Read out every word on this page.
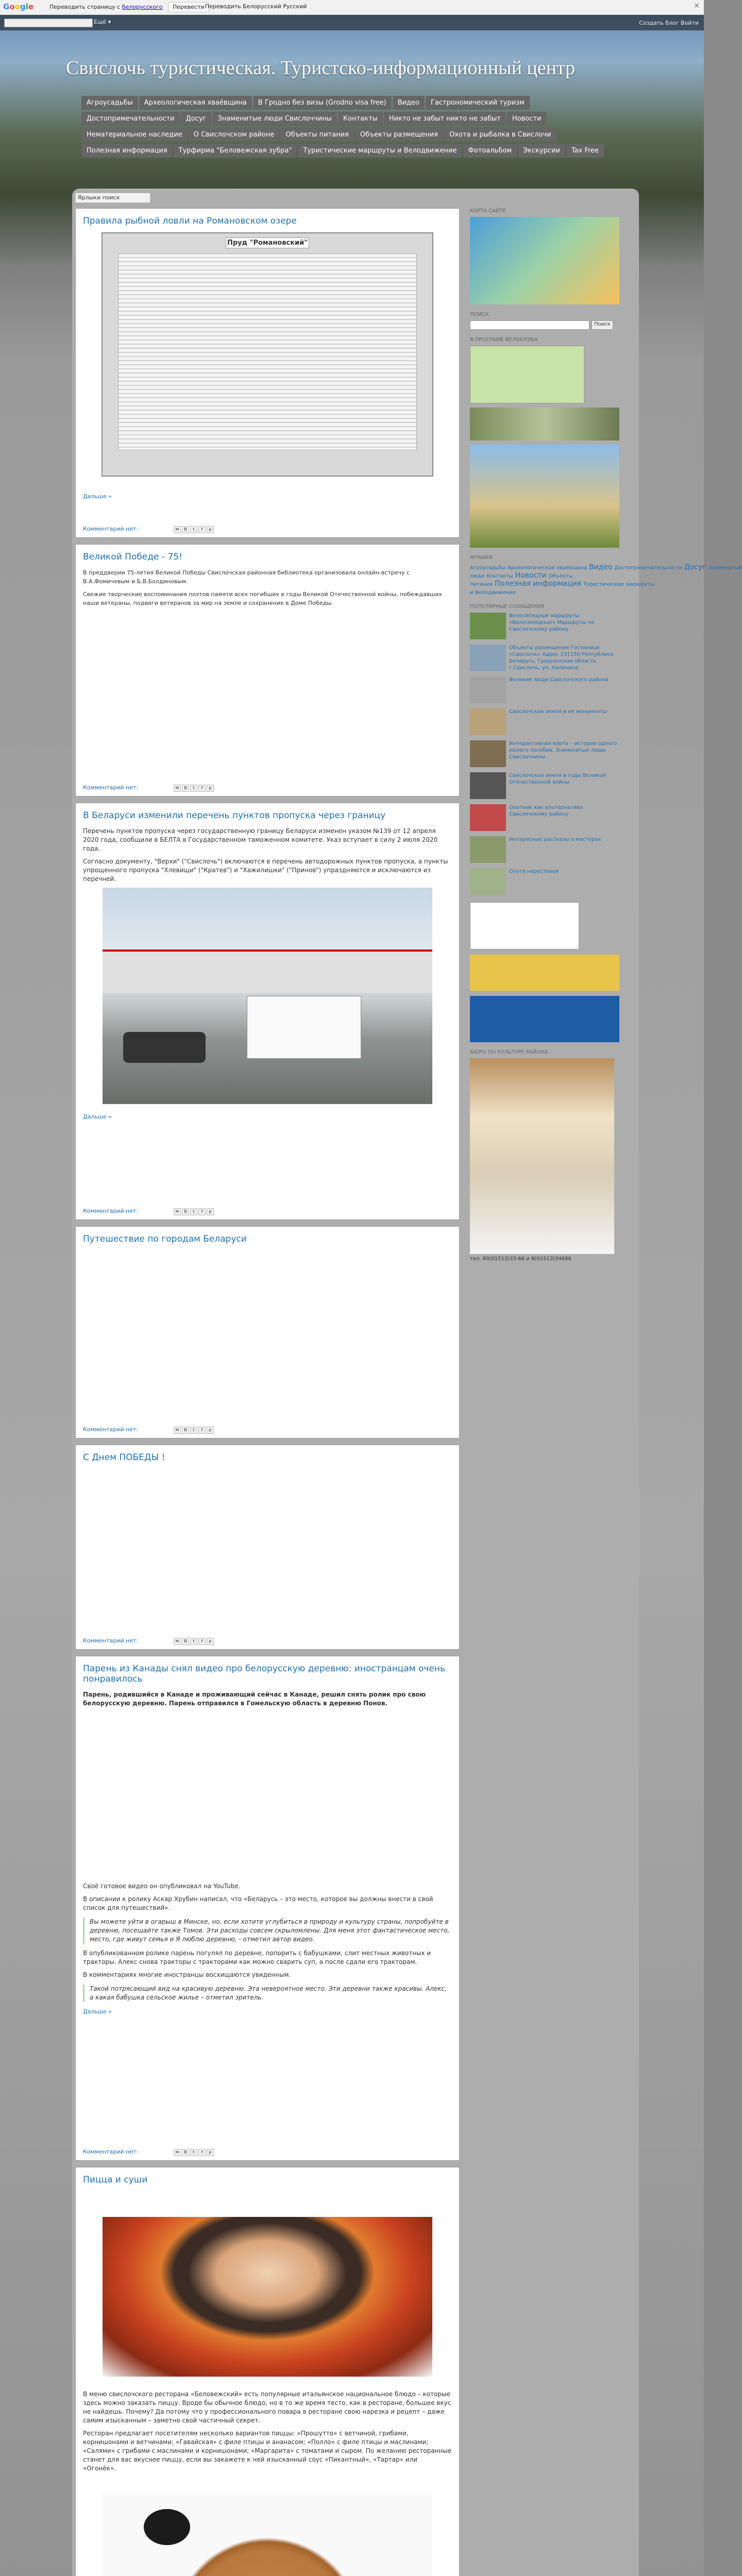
Google	Переводить страницу с белорусского	Перевести Переводить Белорусский Русский	×
Ещё ▾	Создать блог Войти
Свислочь туристическая. Туристско-информационный центр
Агроусадьбы Археологическая хваёвщина В Гродно без визы (Grodno visa free) Видео Гастрономический туризмДостопримечательности Досуг Знаменитые люди Свислоччины Контакты Никто не забыт никто не забыт НовостиНематериальное наследие О Свислочском районе Объекты питания Объекты размещения Охота и рыбалка в СвислочиПолезная информация Турфирма "Беловежская зубра" Туристические маршруты и Велодвижение Фотоальбом Экскурсии Tax Free
Ярлыки поиск
Правила рыбной ловли на Романовском озере
Пруд "Романовский"

Дальше »

Комментарий нет:	✉ B t f p
Великой Победе - 75!

В преддверии 75-летия Великой Победы Свислочская районная библиотека организовала онлайн-встречу с В.А.Фомичевым и Б.В.Болдиновым.

Свежие творческие воспоминания поэтов памяти всех погибших в годы Великой Отечественной войны, побеждавших наши ветераны, подвиги ветеранов за мир на земле и сохранение в Доме Победы.

Комментарий нет:	✉ B t f p
В Беларуси изменили перечень пунктов пропуска через границу

Перечень пунктов пропуска через государственную границу Беларуси изменен указом №139 от 12 апреля 2020 года, сообщили в БЕЛТА в Государственном таможенном комитете. Указ вступает в силу 2 июля 2020 года.

Согласно документу, "Верхи" ("Свислочь") включаются в перечень автодорожных пунктов пропуска, а пункты упрощенного пропуска "Хлевищи" ("Кратев") и "Хажилишки" ("Принов") упраздняются и исключаются из перечней.

Дальше »

Комментарий нет:	✉ B t f p
Путешествие по городам Беларуси
Комментарий нет:	✉ B t f p
С Днем ПОБЕДЫ !
Комментарий нет:	✉ B t f p
Парень из Канады снял видео про белорусскую деревню: иностранцам очень понравилось

Парень, родившийся в Канаде и проживающий сейчас в Канаде, решил снять ролик про свою белорусскую деревню. Парень отправился в Гомельскую область в деревню Понов.

Своё готовое видео он опубликовал на YouTube.

В описании к ролику Аскар Хрубин написал, что «Беларусь – это место, которое вы должны внести в свой список для путешествий».

Вы можете уйти в огарыш в Минске, но, если хотите углубиться в природу и культуру страны, попробуйте в деревню, посещайте также Томов. Эти расходы совсем скрыломлены. Для меня этот фантастическое место, место, где живут семья и Я люблю деревню, - отметил автор видео.

В опубликованном ролике парень погулял по деревне, попорить с бабушками, слит местных животных и тракторы. Алекс снова тракторы с тракторами как можно сварить суп, а после сдали его тракторам.

В комментариях многие иностранцы восхищаются увиденным.

Такой потрясающий вид на красивую деревню. Эта невероятное место. Эти деревни также красивы. Алекс, а какая бабушка сельское жилье – отметил зритель.

Дальше »

Комментарий нет:	✉ B t f p
Пицца и суши

В меню свислочского ресторана «Беловежский» есть популярные итальянское национальное блюдо – которые здесь можно заказать пиццу. Вроде бы обычное блюдо, но в то же время тесто, как в ресторане, большее вкус не найдешь. Почему? Да потому что у профессионального повара в ресторане свою нарезка и рецепт – даже самим изысканным – заметно свой частичный секрет.

Ресторан предлагает посетителям несколько вариантов пиццы: «Прошутто» с ветчиной, грибами, корнишонами и ветчинами; «Гавайская» с филе птицы и ананасом; «Полло» с филе птицы и маслинами; «Салями» с грибами с маслинами и корнишонами; «Маргарита» с томатами и сыром. По желанию ресторанные станет для вас вкуснее пиццу, если вы закажете к ней изысканный соус «Пикантный», «Тартар» или «Огонёк».

КАРТА САЙТЕ
ПОИСК
Поиск
В ПРОГРАМЕ ВЕЛОКЛУБА
ЯРЛЫКИ
Агроусадьбы Археологическая хваёвщина Видео Достопримечательности Досуг Знаменитые люди Контакты Новости Объекты питания Полезная информация Туристические маршруты и Велодвижение
ПОПУЛЯРНЫЕ СООБЩЕНИЯ
Велосипедные маршруты «Велосипедные» Маршруты по Свислочскому району
Объекты размещения Гостиница «Свислочь» Адрес 231150 Республика Беларусь, Гродненская область г.Свислочь, ул. Калинина
Великие люди Свислочского района
Свислочская земля и её монументы
Интерактивная карта – история одного малого пособия. Знаменитые люди Свислоччины
Свислочская земля в годы Великой Отечественной войны
Охотник как альтернатива Свислочскому району
Интересные рассказы о мастерах
Охота нерестовая
БЮРО ПО КУЛЬТУРЕ РАЙОНА
тел. 80(01513)33-66 и 8(01513)34686
